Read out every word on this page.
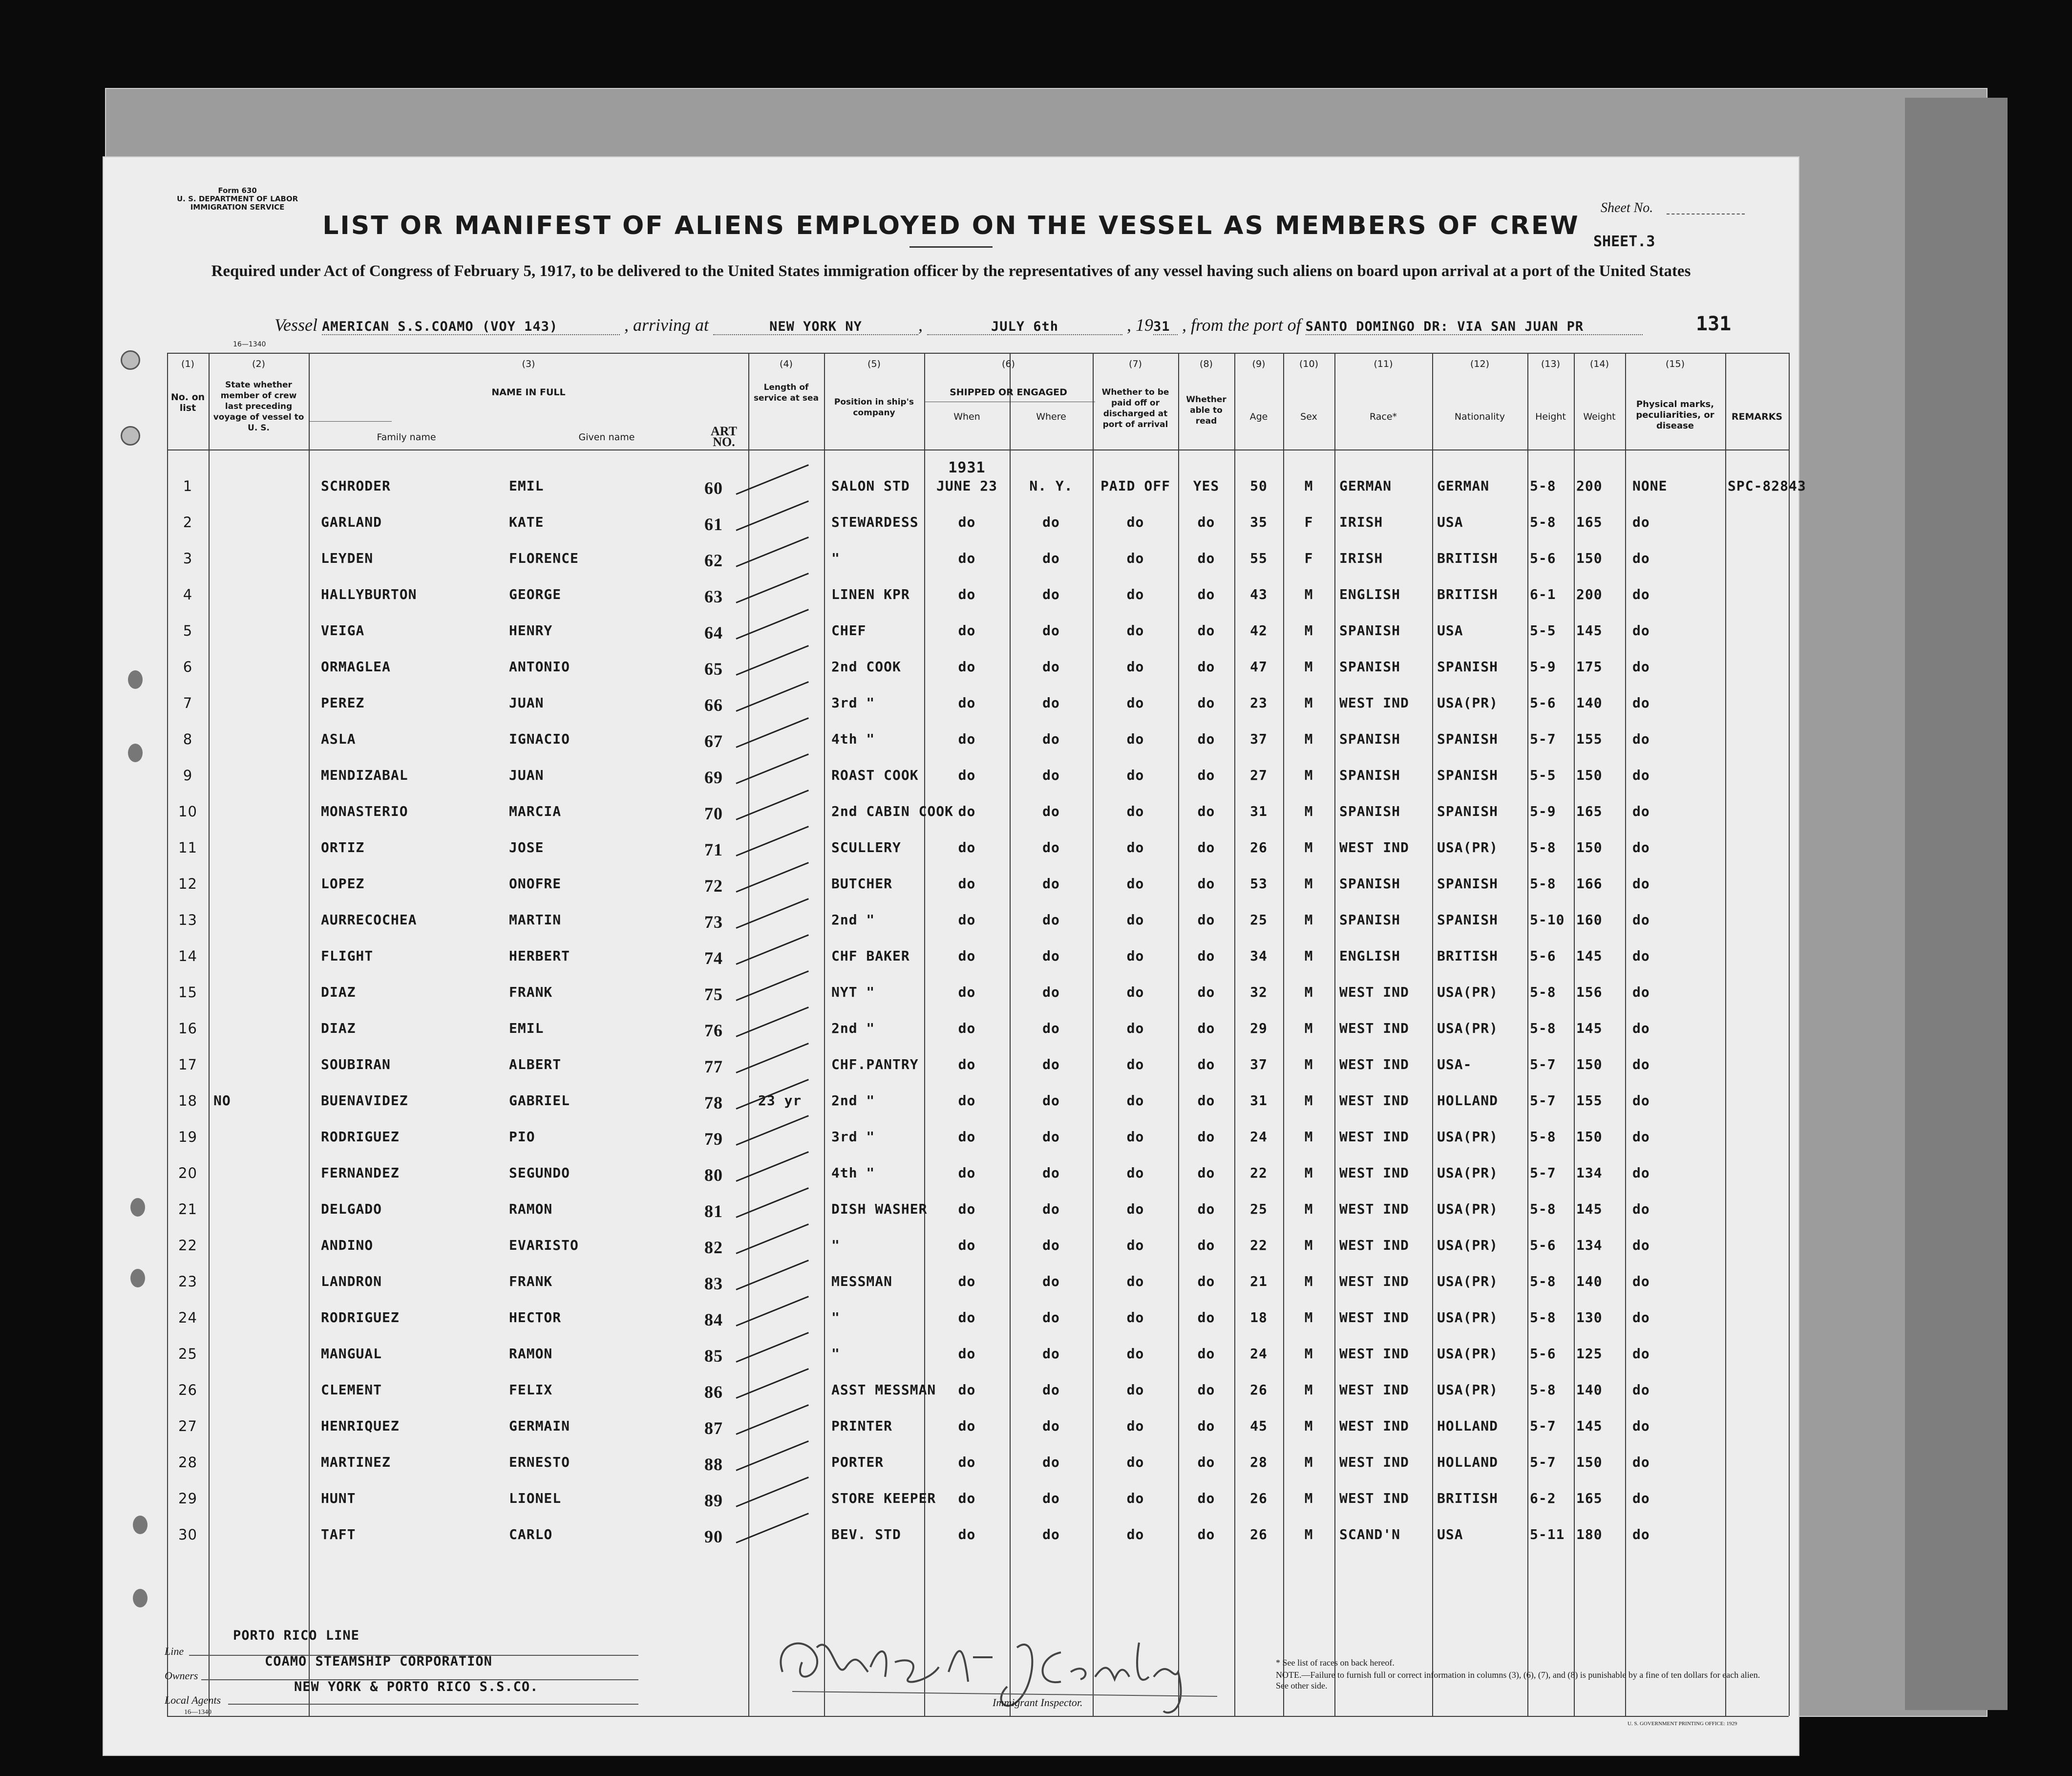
Form 630
U. S. DEPARTMENT OF LABOR
IMMIGRATION SERVICE	Sheet No.
SHEET.3
LIST OR MANIFEST OF ALIENS EMPLOYED ON THE VESSEL AS MEMBERS OF CREW
Required under Act of Congress of February 5, 1917, to be delivered to the United States immigration officer by the representatives of any vessel having such aliens on board upon arrival at a port of the United States
Vessel AMERICAN S.S.COAMO (VOY 143)	, arriving at	NEW YORK NY	,	JULY 6th	, 1931 , from the port of SANTO DOMINGO DR: VIA SAN JUAN PR	131
16—1340
(1)	(2)	(3)	(4)	(5)	(6)	(7)	(8)	(9)	(10)	(11)	(12)	(13)	(14)	(15)
No. on list
State whether member of crew last preceding voyage of vessel to U. S.
NAME IN FULL
Family name	Given name	ART NO.
Length of service at sea	Position in ship's company
SHIPPED OR ENGAGED
When	Where
Whether to be paid off or discharged at port of arrival
Whether able to read	Age	Sex	Race*	Nationality	Height	Weight
Physical marks, peculiarities, or disease
REMARKS
1931
1	SCHRODER	EMIL	60	SALON STD	JUNE 23	N. Y.	PAID OFF	YES	50	M	GERMAN	GERMAN	5-8	200	NONE	SPC-82843
2	GARLAND	KATE	61	STEWARDESS	do	do	do	do	35	F	IRISH	USA	5-8	165	do
3	LEYDEN	FLORENCE	62	"	do	do	do	do	55	F	IRISH	BRITISH	5-6	150	do
4	HALLYBURTON	GEORGE	63	LINEN KPR	do	do	do	do	43	M	ENGLISH	BRITISH	6-1	200	do
5	VEIGA	HENRY	64	CHEF	do	do	do	do	42	M	SPANISH	USA	5-5	145	do
6	ORMAGLEA	ANTONIO	65	2nd COOK	do	do	do	do	47	M	SPANISH	SPANISH	5-9	175	do
7	PEREZ	JUAN	66	3rd "	do	do	do	do	23	M	WEST IND	USA(PR)	5-6	140	do
8	ASLA	IGNACIO	67	4th "	do	do	do	do	37	M	SPANISH	SPANISH	5-7	155	do
9	MENDIZABAL	JUAN	69	ROAST COOK	do	do	do	do	27	M	SPANISH	SPANISH	5-5	150	do
10	MONASTERIO	MARCIA	70	2nd CABIN COOK do	do	do	do	31	M	SPANISH	SPANISH	5-9	165	do
11	ORTIZ	JOSE	71	SCULLERY	do	do	do	do	26	M	WEST IND	USA(PR)	5-8	150	do
12	LOPEZ	ONOFRE	72	BUTCHER	do	do	do	do	53	M	SPANISH	SPANISH	5-8	166	do
13	AURRECOCHEA	MARTIN	73	2nd "	do	do	do	do	25	M	SPANISH	SPANISH	5-10 160	do
14	FLIGHT	HERBERT	74	CHF BAKER	do	do	do	do	34	M	ENGLISH	BRITISH	5-6	145	do
15	DIAZ	FRANK	75	NYT "	do	do	do	do	32	M	WEST IND	USA(PR)	5-8	156	do
16	DIAZ	EMIL	76	2nd "	do	do	do	do	29	M	WEST IND	USA(PR)	5-8	145	do
17	SOUBIRAN	ALBERT	77	CHF.PANTRY	do	do	do	do	37	M	WEST IND	USA-	5-7	150	do
18	NO	BUENAVIDEZ	GABRIEL	78	23 yr	2nd "	do	do	do	do	31	M	WEST IND	HOLLAND	5-7	155	do
19	RODRIGUEZ	PIO	79	3rd "	do	do	do	do	24	M	WEST IND	USA(PR)	5-8	150	do
20	FERNANDEZ	SEGUNDO	80	4th "	do	do	do	do	22	M	WEST IND	USA(PR)	5-7	134	do
21	DELGADO	RAMON	81	DISH WASHER	do	do	do	do	25	M	WEST IND	USA(PR)	5-8	145	do
22	ANDINO	EVARISTO	82	"	do	do	do	do	22	M	WEST IND	USA(PR)	5-6	134	do
23	LANDRON	FRANK	83	MESSMAN	do	do	do	do	21	M	WEST IND	USA(PR)	5-8	140	do
24	RODRIGUEZ	HECTOR	84	"	do	do	do	do	18	M	WEST IND	USA(PR)	5-8	130	do
25	MANGUAL	RAMON	85	"	do	do	do	do	24	M	WEST IND	USA(PR)	5-6	125	do
26	CLEMENT	FELIX	86	ASST MESSMAN	do	do	do	do	26	M	WEST IND	USA(PR)	5-8	140	do
27	HENRIQUEZ	GERMAIN	87	PRINTER	do	do	do	do	45	M	WEST IND	HOLLAND	5-7	145	do
28	MARTINEZ	ERNESTO	88	PORTER	do	do	do	do	28	M	WEST IND	HOLLAND	5-7	150	do
29	HUNT	LIONEL	89	STORE KEEPER	do	do	do	do	26	M	WEST IND	BRITISH	6-2	165	do
30	TAFT	CARLO	90	BEV. STD	do	do	do	do	26	M	SCAND'N	USA	5-11 180	do
Line
PORTO RICO LINE
Owners
COAMO STEAMSHIP CORPORATION
Local Agents
NEW YORK & PORTO RICO S.S.CO.
16—1340
Immigrant Inspector.
* See list of races on back hereof.
NOTE.—Failure to furnish full or correct information in columns (3), (6), (7), and (8) is punishable by a fine of ten dollars for each alien. See other side.
U. S. GOVERNMENT PRINTING OFFICE: 1929
